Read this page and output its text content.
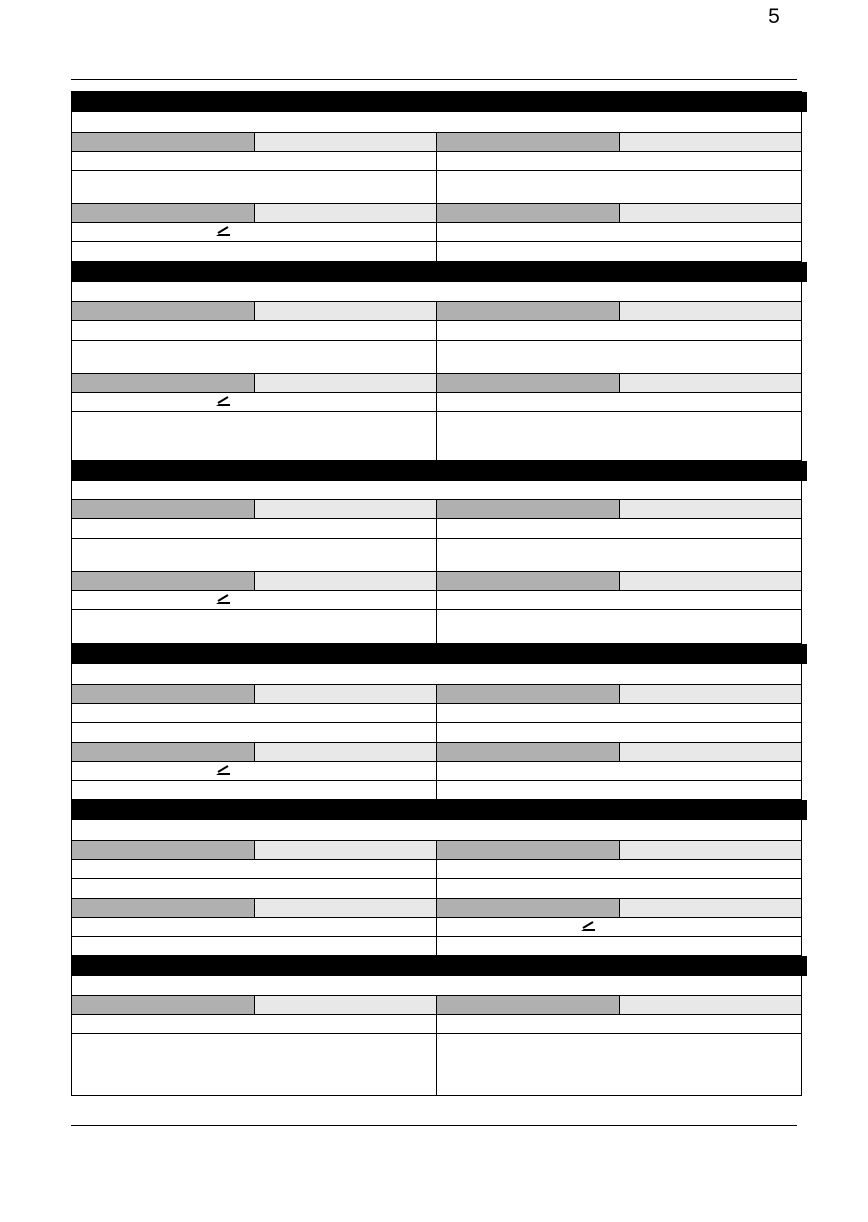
5
